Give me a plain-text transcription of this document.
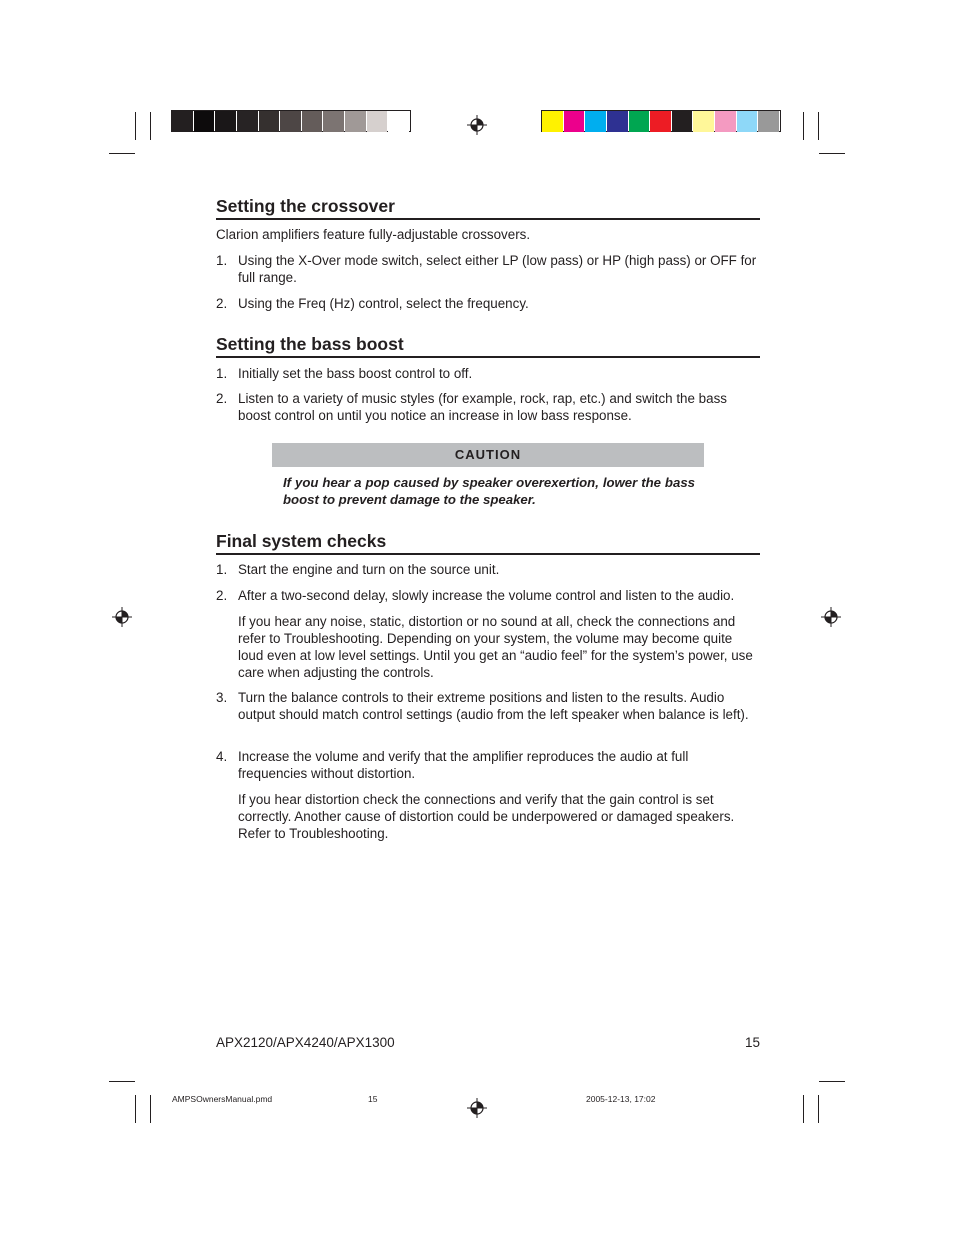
Setting the crossover

Clarion amplifiers feature fully-adjustable crossovers.

1. Using the X-Over mode switch, select either LP (low pass) or HP (high pass) or OFF for full range.
2. Using the Freq (Hz) control, select the frequency.
Setting the bass boost
1. Initially set the bass boost control to off.
2. Listen to a variety of music styles (for example, rock, rap, etc.) and switch the bass boost control on until you notice an increase in low bass response.
CAUTION
If you hear a pop caused by speaker overexertion, lower the bass boost to prevent damage to the speaker.
Final system checks
1. Start the engine and turn on the source unit.
2. After a two-second delay, slowly increase the volume control and listen to the audio.
If you hear any noise, static, distortion or no sound at all, check the connections and refer to Troubleshooting. Depending on your system, the volume may become quite loud even at low level settings. Until you get an “audio feel” for the system’s power, use care when adjusting the controls.
3. Turn the balance controls to their extreme positions and listen to the results. Audio output should match control settings (audio from the left speaker when balance is left).
4. Increase the volume and verify that the amplifier reproduces the audio at full frequencies without distortion.
If you hear distortion check the connections and verify that the gain control is set correctly. Another cause of distortion could be underpowered or damaged speakers. Refer to Troubleshooting.
APX2120/APX4240/APX1300	15
AMPSOwnersManual.pmd	15	2005-12-13, 17:02
